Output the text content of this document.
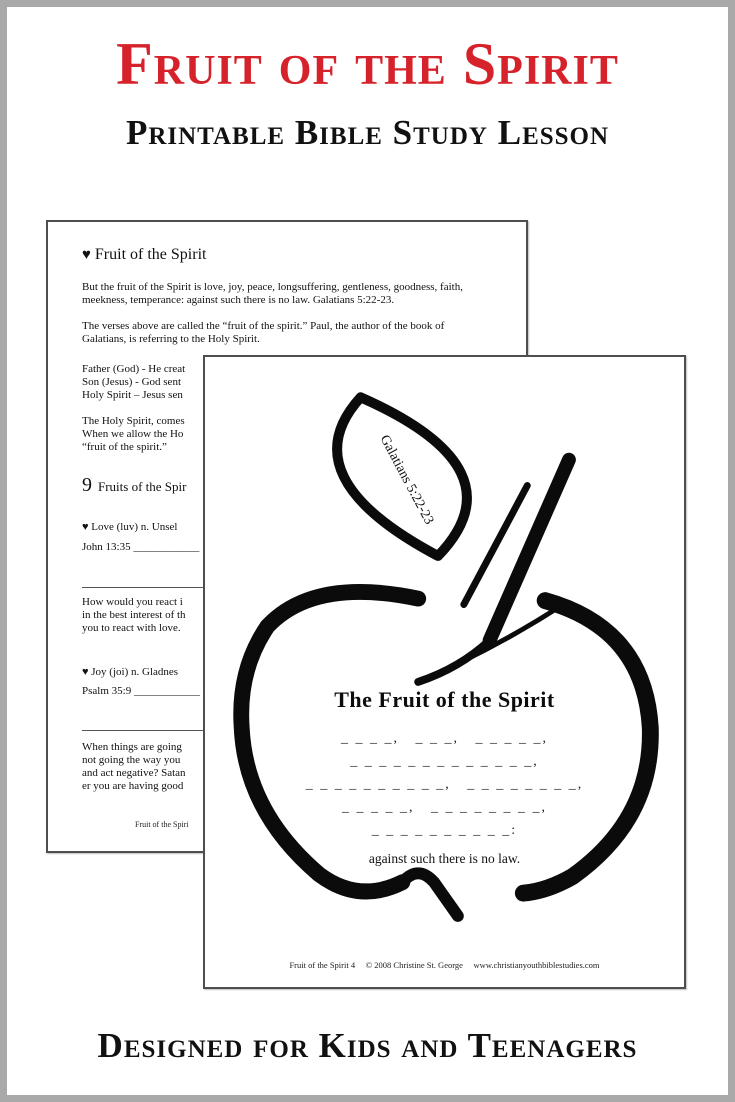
Fruit of the Spirit
Printable Bible Study Lesson
♥ Fruit of the Spirit
But the fruit of the Spirit is love, joy, peace, longsuffering, gentleness, goodness, faith,
meekness, temperance: against such there is no law. Galatians 5:22-23.
The verses above are called the “fruit of the spirit.” Paul, the author of the book of
Galatians, is referring to the Holy Spirit.
Father (God) - He creat
Son (Jesus) - God sent
Holy Spirit – Jesus sen
The Holy Spirit, comes
When we allow the Ho
“fruit of the spirit.”
9 Fruits of the Spir
♥ Love (luv) n. Unsel
John 13:35 ____________
How would you react i
in the best interest of th
you to react with love.
♥ Joy (joi) n. Gladnes
Psalm 35:9 ____________
When things are going
not going the way you
and act negative? Satan
er you are having good
Fruit of the Spiri
Galatians 5:22-23
The Fruit of the Spirit
_ _ _ _,   _ _ _,   _ _ _ _ _,
_ _ _ _ _ _ _ _ _ _ _ _ _,
_ _ _ _ _ _ _ _ _ _,   _ _ _ _ _ _ _ _,
_ _ _ _ _,   _ _ _ _ _ _ _ _,
_ _ _ _ _ _ _ _ _ _:
against such there is no law.
Fruit of the Spirit 4     © 2008 Christine St. George     www.christianyouthbiblestudies.com
Designed for Kids and Teenagers
